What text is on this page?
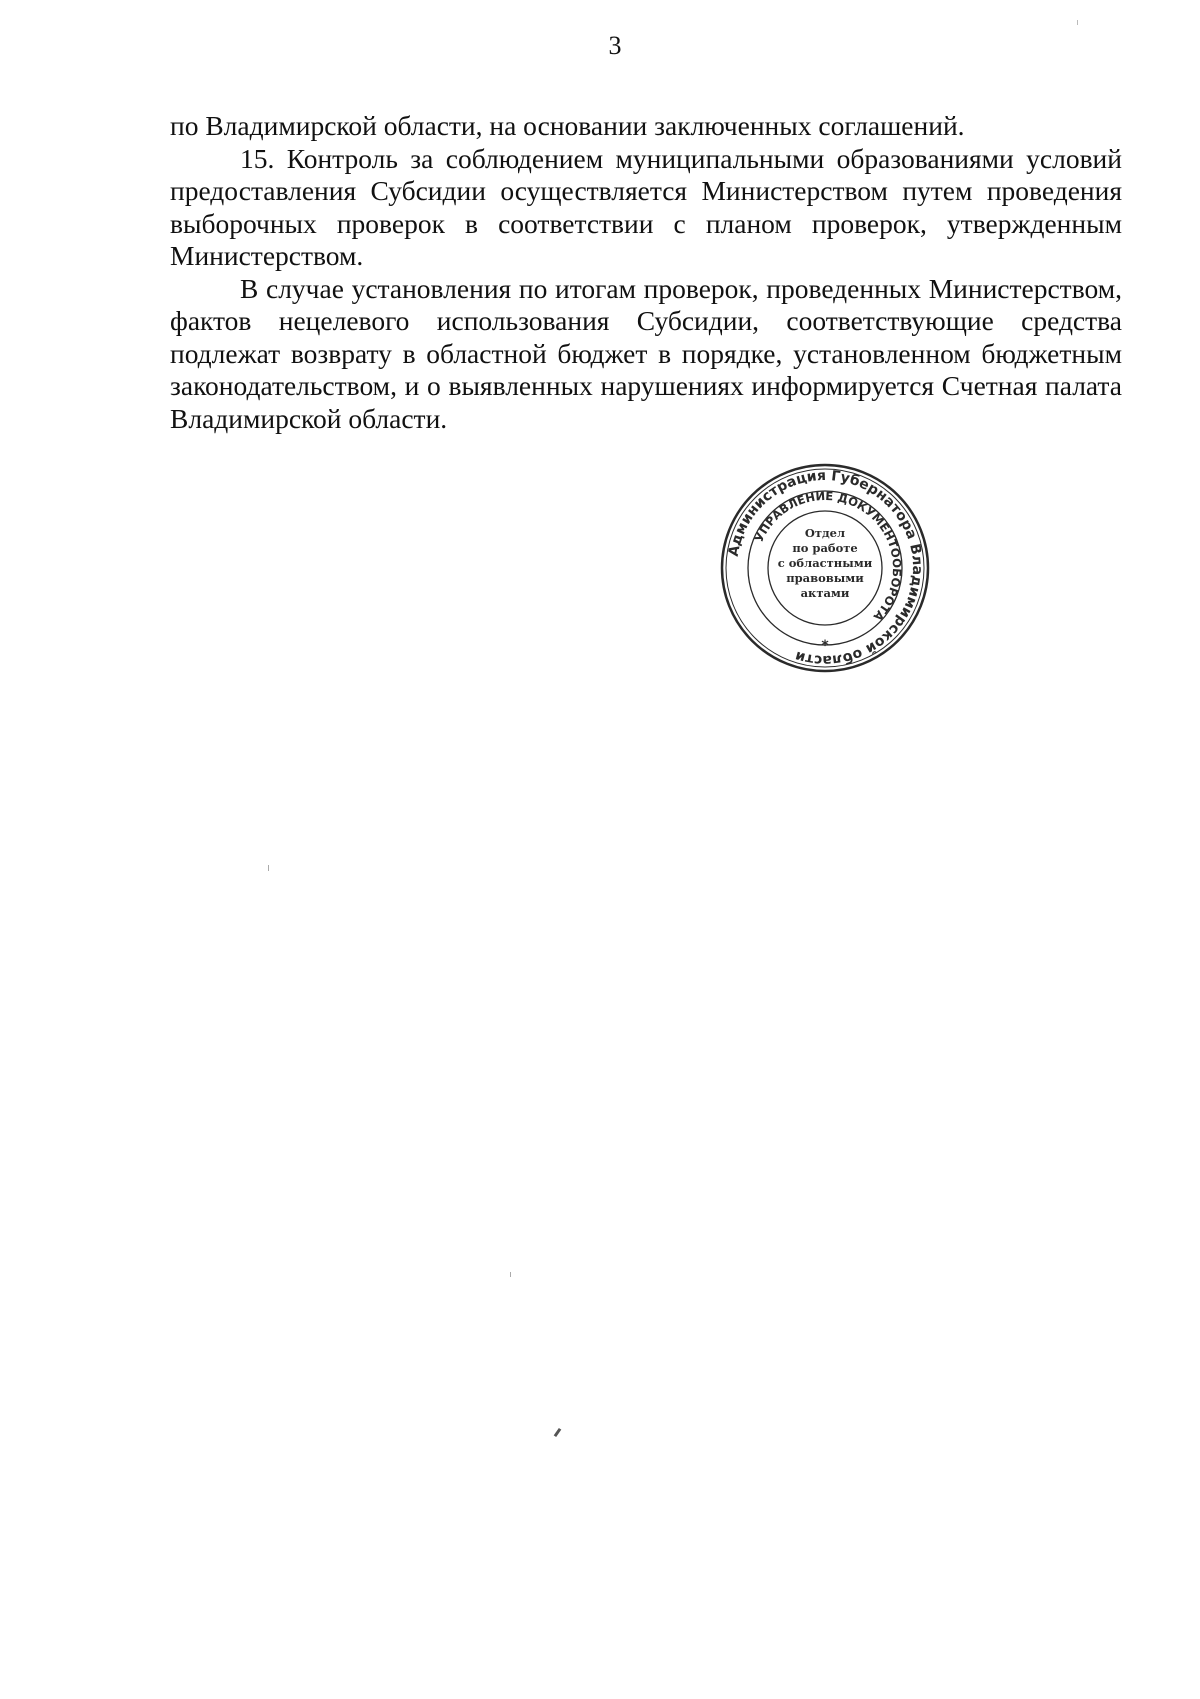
3

по Владимирской области, на основании заключенных соглашений.

15. Контроль за соблюдением муниципальными образованиями условий предоставления Субсидии осуществляется Министерством путем проведения выборочных проверок в соответствии с планом проверок, утвержденным Министерством.

В случае установления по итогам проверок, проведенных Министерством, фактов нецелевого использования Субсидии, соответствующие средства подлежат возврату в областной бюджет в порядке, установленном бюджетным законодательством, и о выявленных нарушениях информируется Счетная палата Владимирской области.

Администрация Губернатора Владимирской области
УПРАВЛЕНИЕ ДОКУМЕНТООБОРОТА
*
Отдел
по работе
с областными
правовыми
актами
